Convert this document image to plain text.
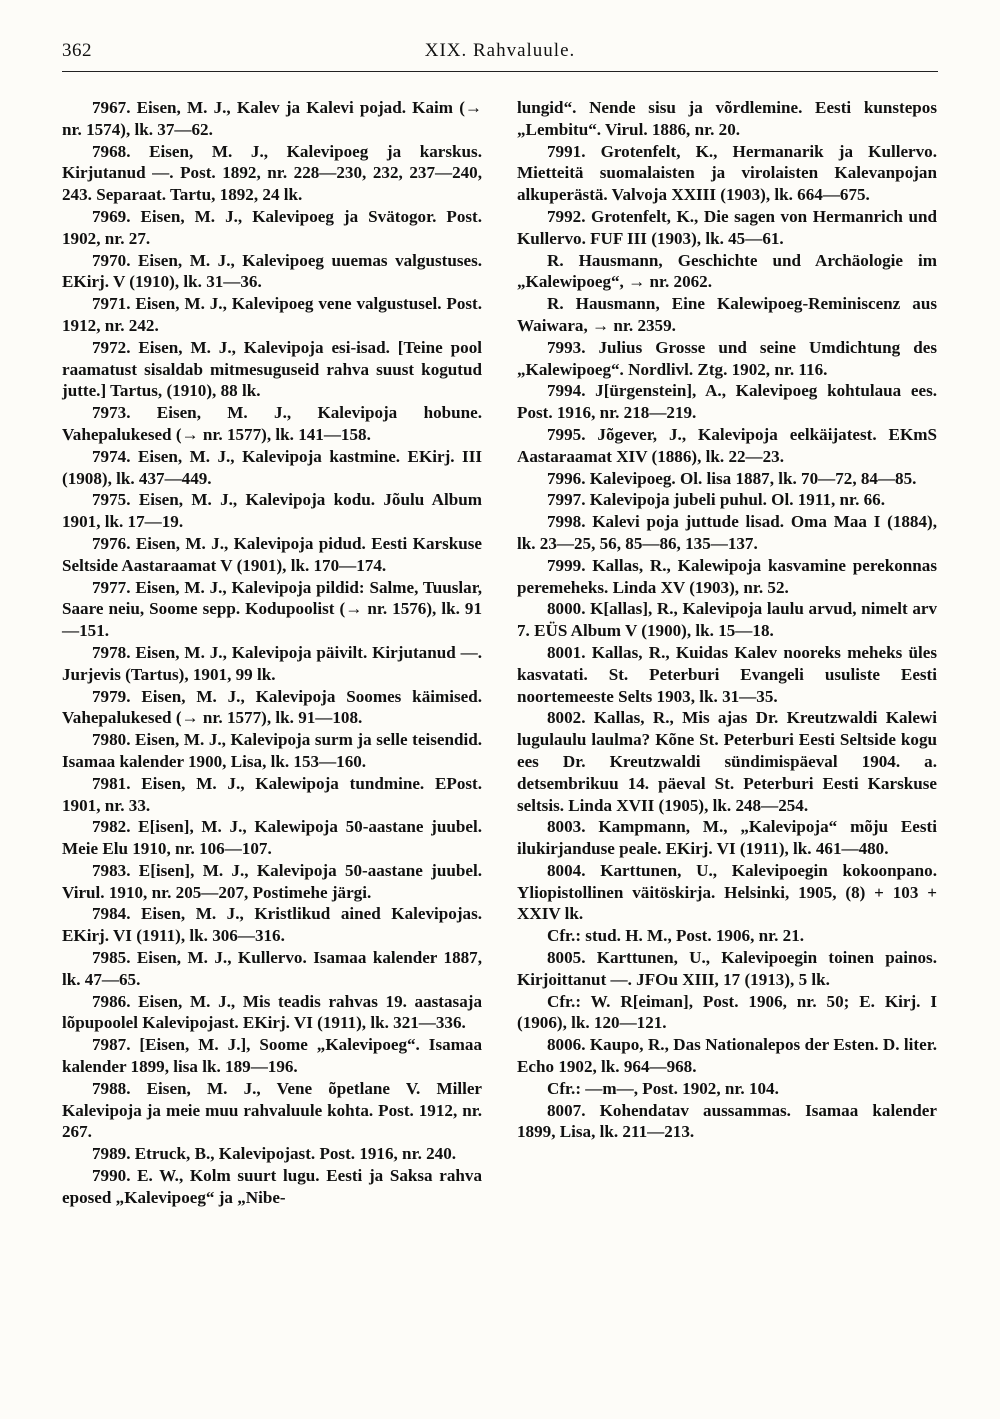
362	XIX. Rahvaluule.

7967. Eisen, M. J., Kalev ja Kalevi pojad. Kaim (→ nr. 1574), lk. 37—62.

7968. Eisen, M. J., Kalevipoeg ja karskus. Kirjutanud —. Post. 1892, nr. 228—230, 232, 237—240, 243. Separaat. Tartu, 1892, 24 lk.

7969. Eisen, M. J., Kalevipoeg ja Svätogor. Post. 1902, nr. 27.

7970. Eisen, M. J., Kalevipoeg uuemas valgustuses. EKirj. V (1910), lk. 31—36.

7971. Eisen, M. J., Kalevipoeg vene valgustusel. Post. 1912, nr. 242.

7972. Eisen, M. J., Kalevipoja esi-isad. [Teine pool raamatust sisaldab mitmesuguseid rahva suust kogutud jutte.] Tartus, (1910), 88 lk.

7973. Eisen, M. J., Kalevipoja hobune. Vahepalukesed (→ nr. 1577), lk. 141—158.

7974. Eisen, M. J., Kalevipoja kastmine. EKirj. III (1908), lk. 437—449.

7975. Eisen, M. J., Kalevipoja kodu. Jõulu Album 1901, lk. 17—19.

7976. Eisen, M. J., Kalevipoja pidud. Eesti Karskuse Seltside Aastaraamat V (1901), lk. 170—174.

7977. Eisen, M. J., Kalevipoja pildid: Salme, Tuuslar, Saare neiu, Soome sepp. Kodupoolist (→ nr. 1576), lk. 91—151.

7978. Eisen, M. J., Kalevipoja päivilt. Kirjutanud —. Jurjevis (Tartus), 1901, 99 lk.

7979. Eisen, M. J., Kalevipoja Soomes käimised. Vahepalukesed (→ nr. 1577), lk. 91—108.

7980. Eisen, M. J., Kalevipoja surm ja selle teisendid. Isamaa kalender 1900, Lisa, lk. 153—160.

7981. Eisen, M. J., Kalewipoja tundmine. EPost. 1901, nr. 33.

7982. E[isen], M. J., Kalewipoja 50-aastane juubel. Meie Elu 1910, nr. 106—107.

7983. E[isen], M. J., Kalevipoja 50-aastane juubel. Virul. 1910, nr. 205—207, Postimehe järgi.

7984. Eisen, M. J., Kristlikud ained Kalevipojas. EKirj. VI (1911), lk. 306—316.

7985. Eisen, M. J., Kullervo. Isamaa kalender 1887, lk. 47—65.

7986. Eisen, M. J., Mis teadis rahvas 19. aastasaja lõpupoolel Kalevipojast. EKirj. VI (1911), lk. 321—336.

7987. [Eisen, M. J.], Soome „Kalevipoeg“. Isamaa kalender 1899, lisa lk. 189—196.

7988. Eisen, M. J., Vene õpetlane V. Miller Kalevipoja ja meie muu rahvaluule kohta. Post. 1912, nr. 267.

7989. Etruck, B., Kalevipojast. Post. 1916, nr. 240.

7990. E. W., Kolm suurt lugu. Eesti ja Saksa rahva eposed „Kalevipoeg“ ja „Nibe-

lungid“. Nende sisu ja võrdlemine. Eesti kunstepos „Lembitu“. Virul. 1886, nr. 20.

7991. Grotenfelt, K., Hermanarik ja Kullervo. Mietteitä suomalaisten ja virolaisten Kalevanpojan alkuperästä. Valvoja XXIII (1903), lk. 664—675.

7992. Grotenfelt, K., Die sagen von Hermanrich und Kullervo. FUF III (1903), lk. 45—61.

R. Hausmann, Geschichte und Archäologie im „Kalewipoeg“, → nr. 2062.

R. Hausmann, Eine Kalewipoeg-Reminiscenz aus Waiwara, → nr. 2359.

7993. Julius Grosse und seine Umdichtung des „Kalewipoeg“. Nordlivl. Ztg. 1902, nr. 116.

7994. J[ürgenstein], A., Kalevipoeg kohtulaua ees. Post. 1916, nr. 218—219.

7995. Jõgever, J., Kalevipoja eelkäijatest. EKmS Aastaraamat XIV (1886), lk. 22—23.

7996. Kalevipoeg. Ol. lisa 1887, lk. 70—72, 84—85.

7997. Kalevipoja jubeli puhul. Ol. 1911, nr. 66.

7998. Kalevi poja juttude lisad. Oma Maa I (1884), lk. 23—25, 56, 85—86, 135—137.

7999. Kallas, R., Kalewipoja kasvamine perekonnas peremeheks. Linda XV (1903), nr. 52.

8000. K[allas], R., Kalevipoja laulu arvud, nimelt arv 7. EÜS Album V (1900), lk. 15—18.

8001. Kallas, R., Kuidas Kalev nooreks meheks üles kasvatati. St. Peterburi Evangeli usuliste Eesti noortemeeste Selts 1903, lk. 31—35.

8002. Kallas, R., Mis ajas Dr. Kreutzwaldi Kalewi lugulaulu laulma? Kõne St. Peterburi Eesti Seltside kogu ees Dr. Kreutzwaldi sündimispäeval 1904. a. detsembrikuu 14. päeval St. Peterburi Eesti Karskuse seltsis. Linda XVII (1905), lk. 248—254.

8003. Kampmann, M., „Kalevipoja“ mõju Eesti ilukirjanduse peale. EKirj. VI (1911), lk. 461—480.

8004. Karttunen, U., Kalevipoegin kokoonpano. Yliopistollinen väitöskirja. Helsinki, 1905, (8) + 103 + XXIV lk.

Cfr.: stud. H. M., Post. 1906, nr. 21.

8005. Karttunen, U., Kalevipoegin toinen painos. Kirjoittanut —. JFOu XIII, 17 (1913), 5 lk.

Cfr.: W. R[eiman], Post. 1906, nr. 50; E. Kirj. I (1906), lk. 120—121.

8006. Kaupo, R., Das Nationalepos der Esten. D. liter. Echo 1902, lk. 964—968.

Cfr.: —m—, Post. 1902, nr. 104.

8007. Kohendatav aussammas. Isamaa kalender 1899, Lisa, lk. 211—213.
